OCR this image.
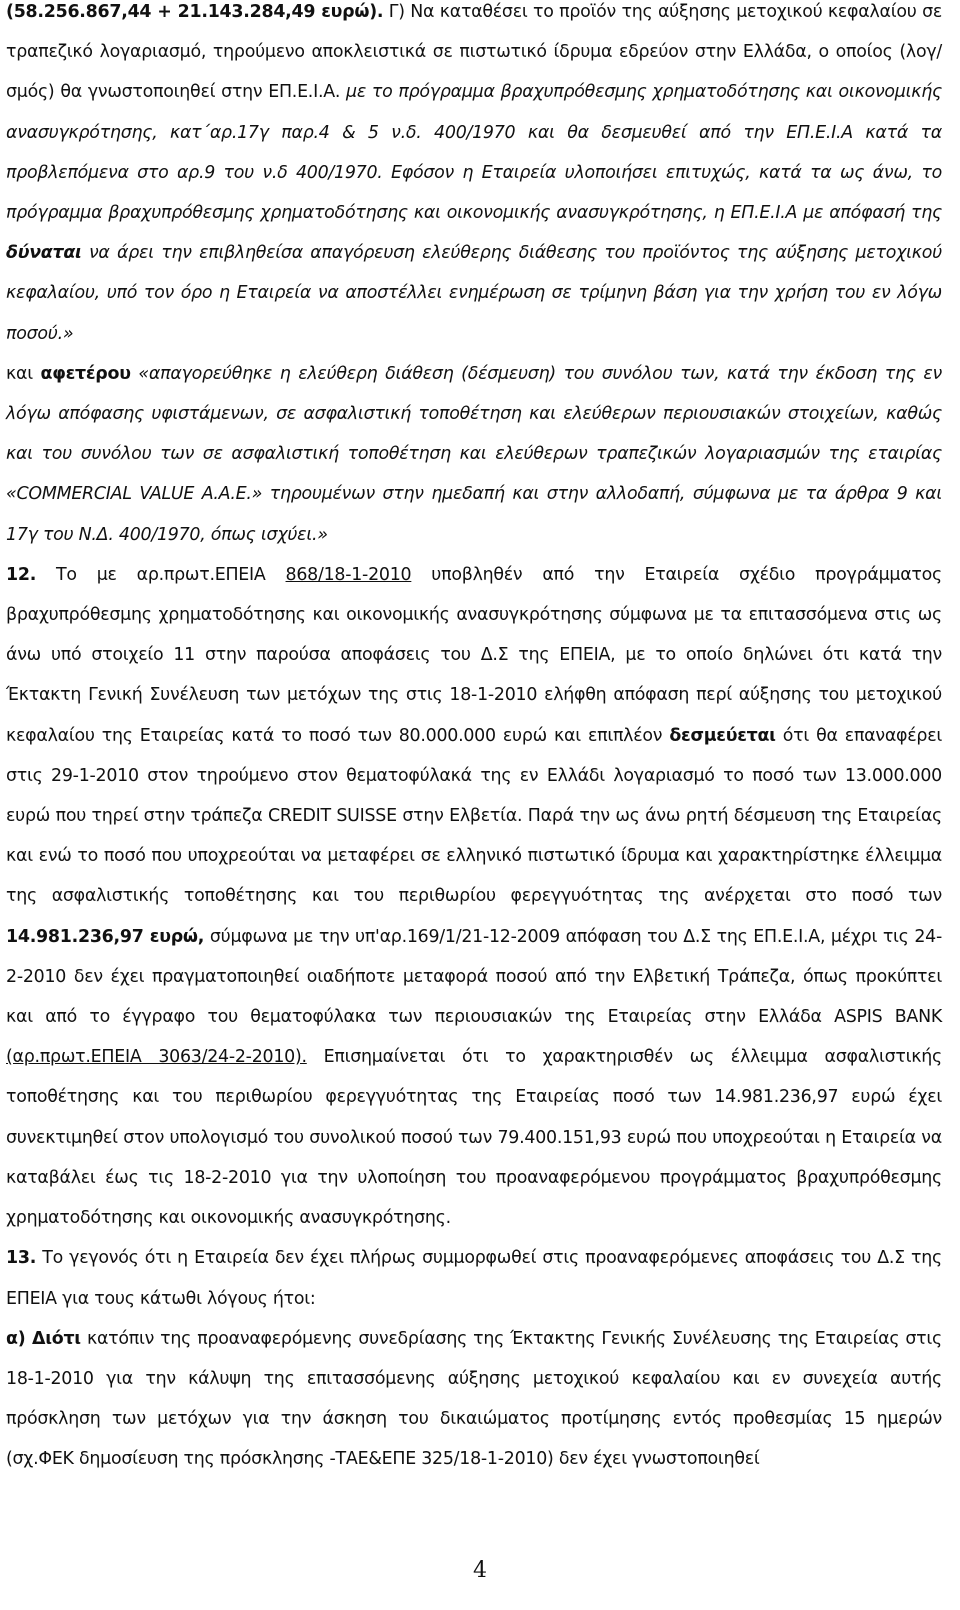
(58.256.867,44 + 21.143.284,49 ευρώ). Γ) Να καταθέσει το προϊόν της αύξησης μετοχικού κεφαλαίου σε τραπεζικό λογαριασμό, τηρούμενο αποκλειστικά σε πιστωτικό ίδρυμα εδρεύον στην Ελλάδα, ο οποίος (λογ/σμός) θα γνωστοποιηθεί στην ΕΠ.Ε.Ι.Α. με το πρόγραμμα βραχυπρόθεσμης χρηματοδότησης και οικονομικής ανασυγκρότησης, κατ΄αρ.17γ παρ.4 & 5 ν.δ. 400/1970 και θα δεσμευθεί από την ΕΠ.Ε.Ι.Α κατά τα προβλεπόμενα στο αρ.9 του ν.δ 400/1970. Εφόσον η Εταιρεία υλοποιήσει επιτυχώς, κατά τα ως άνω, το πρόγραμμα βραχυπρόθεσμης χρηματοδότησης και οικονομικής ανασυγκρότησης, η ΕΠ.Ε.Ι.Α με απόφασή της δύναται να άρει την επιβληθείσα απαγόρευση ελεύθερης διάθεσης του προϊόντος της αύξησης μετοχικού κεφαλαίου, υπό τον όρο η Εταιρεία να αποστέλλει ενημέρωση σε τρίμηνη βάση για την χρήση του εν λόγω ποσού.»

και αφετέρου «απαγορεύθηκε η ελεύθερη διάθεση (δέσμευση) του συνόλου των, κατά την έκδοση της εν λόγω απόφασης υφιστάμενων, σε ασφαλιστική τοποθέτηση και ελεύθερων περιουσιακών στοιχείων, καθώς και του συνόλου των σε ασφαλιστική τοποθέτηση και ελεύθερων τραπεζικών λογαριασμών της εταιρίας «COMMERCIAL VALUE Α.Α.Ε.» τηρουμένων στην ημεδαπή και στην αλλοδαπή, σύμφωνα με τα άρθρα 9 και 17γ του Ν.Δ. 400/1970, όπως ισχύει.»

12. Το με αρ.πρωτ.ΕΠΕΙΑ 868/18-1-2010 υποβληθέν από την Εταιρεία σχέδιο προγράμματος βραχυπρόθεσμης χρηματοδότησης και οικονομικής ανασυγκρότησης σύμφωνα με τα επιτασσόμενα στις ως άνω υπό στοιχείο 11 στην παρούσα αποφάσεις του Δ.Σ της ΕΠΕΙΑ, με το οποίο δηλώνει ότι κατά την Έκτακτη Γενική Συνέλευση των μετόχων της στις 18-1-2010 ελήφθη απόφαση περί αύξησης του μετοχικού κεφαλαίου της Εταιρείας κατά το ποσό των 80.000.000 ευρώ και επιπλέον δεσμεύεται ότι θα επαναφέρει στις 29-1-2010 στον τηρούμενο στον θεματοφύλακά της εν Ελλάδι λογαριασμό το ποσό των 13.000.000 ευρώ που τηρεί στην τράπεζα CREDIT SUISSE στην Ελβετία. Παρά την ως άνω ρητή δέσμευση της Εταιρείας και ενώ το ποσό που υποχρεούται να μεταφέρει σε ελληνικό πιστωτικό ίδρυμα και χαρακτηρίστηκε έλλειμμα της ασφαλιστικής τοποθέτησης και του περιθωρίου φερεγγυότητας της ανέρχεται στο ποσό των 14.981.236,97 ευρώ, σύμφωνα με την υπ'αρ.169/1/21-12-2009 απόφαση του Δ.Σ της ΕΠ.Ε.Ι.Α, μέχρι τις 24-2-2010 δεν έχει πραγματοποιηθεί οιαδήποτε μεταφορά ποσού από την Ελβετική Τράπεζα, όπως προκύπτει και από το έγγραφο του θεματοφύλακα των περιουσιακών της Εταιρείας στην Ελλάδα ASPIS BANK (αρ.πρωτ.ΕΠΕΙΑ 3063/24-2-2010). Επισημαίνεται ότι το χαρακτηρισθέν ως έλλειμμα ασφαλιστικής τοποθέτησης και του περιθωρίου φερεγγυότητας της Εταιρείας ποσό των 14.981.236,97 ευρώ έχει συνεκτιμηθεί στον υπολογισμό του συνολικού ποσού των 79.400.151,93 ευρώ που υποχρεούται η Εταιρεία να καταβάλει έως τις 18-2-2010 για την υλοποίηση του προαναφερόμενου προγράμματος βραχυπρόθεσμης χρηματοδότησης και οικονομικής ανασυγκρότησης.

13. Το γεγονός ότι η Εταιρεία δεν έχει πλήρως συμμορφωθεί στις προαναφερόμενες αποφάσεις του Δ.Σ της ΕΠΕΙΑ για τους κάτωθι λόγους ήτοι:

α) Διότι κατόπιν της προαναφερόμενης συνεδρίασης της Έκτακτης Γενικής Συνέλευσης της Εταιρείας στις 18-1-2010 για την κάλυψη της επιτασσόμενης αύξησης μετοχικού κεφαλαίου και εν συνεχεία αυτής πρόσκληση των μετόχων για την άσκηση του δικαιώματος προτίμησης εντός προθεσμίας 15 ημερών (σχ.ΦΕΚ δημοσίευση της πρόσκλησης -ΤΑΕ&ΕΠΕ 325/18-1-2010) δεν έχει γνωστοποιηθεί

4
